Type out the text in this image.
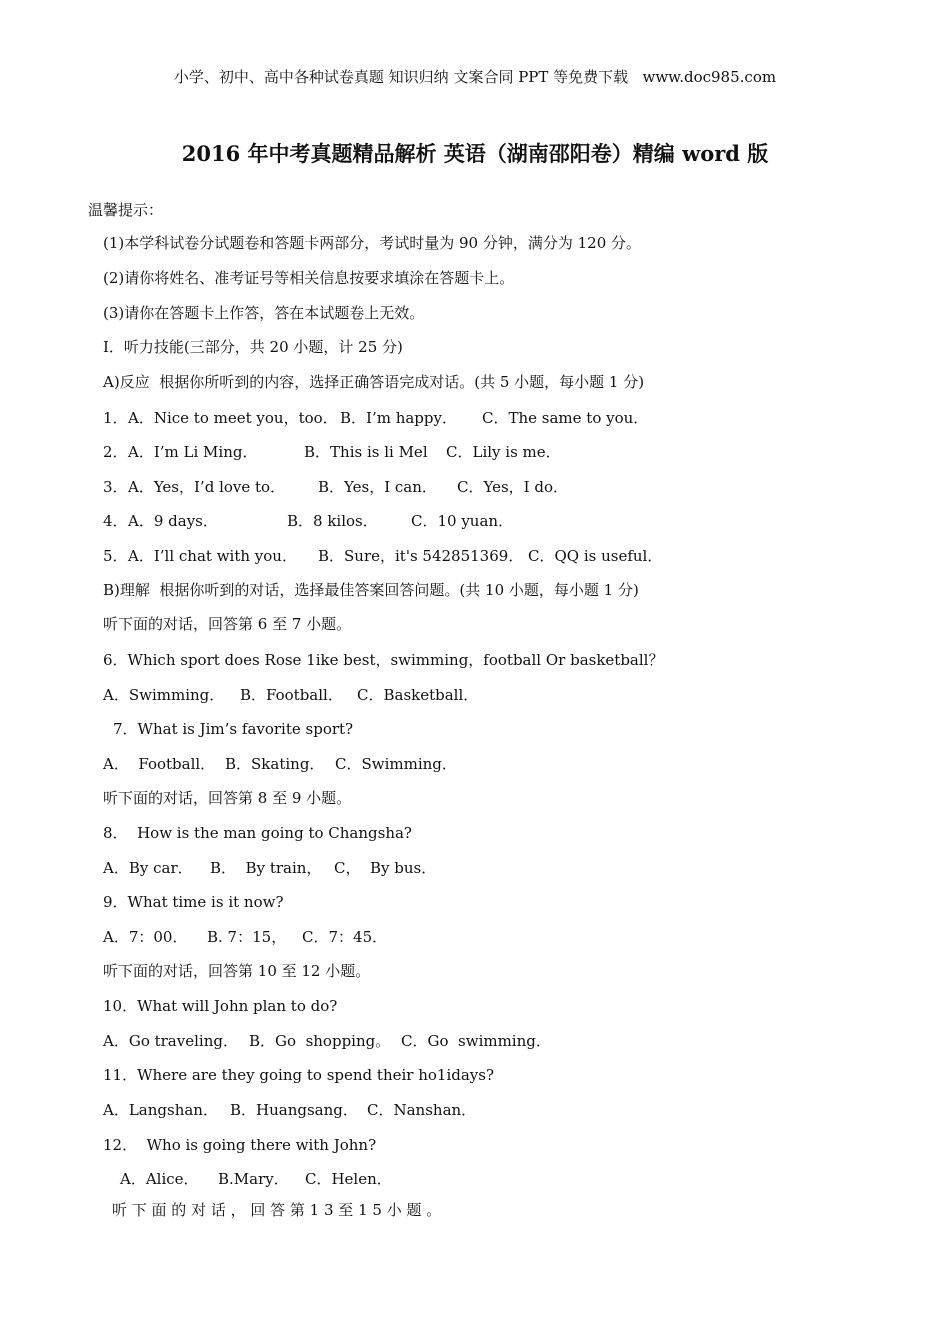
小学、初中、高中各种试卷真题 知识归纳 文案合同 PPT 等免费下载   www.doc985.com
2016 年中考真题精品解析 英语（湖南邵阳卷）精编 word 版
温馨提示：
(1)本学科试卷分试题卷和答题卡两部分，考试时量为 90 分钟，满分为 120 分。
(2)请你将姓名、准考证号等相关信息按要求填涂在答题卡上。
(3)请你在答题卡上作答，答在本试题卷上无效。
I．听力技能(三部分，共 20 小题，计 25 分)
A)反应  根据你所听到的内容，选择正确答语完成对话。(共 5 小题，每小题 1 分)
1． A．Nice to meet you，too． B．I’m happy． C．The same to you．
2． A．I’m Li Ming．	B．This is li Mel C．Lily is me．
3． A．Yes，I’d love to． B．Yes，I can． C．Yes，I do．
4． A．9 days．	B．8 kilos． C．10 yuan．
5． A．I’ll chat with you． B．Sure，it's 542851369． C．QQ is useful．
B)理解  根据你听到的对话，选择最佳答案回答问题。(共 10 小题，每小题 1 分)
听下面的对话，回答第 6 至 7 小题。
6．Which sport does Rose 1ike best，swimming，football Or basketball？
A．Swimming． B．Football． C．Basketball．
7．What is Jim’s favorite sport?
A．  Football． B．Skating． C．Swimming．
听下面的对话，回答第 8 至 9 小题。
8．  How is the man going to Changsha?
A．By car． B．  By train， C，  By bus．
9．What time is it now?
A．7：00． B. 7：15， C．7：45．
听下面的对话，回答第 10 至 12 小题。
10．What will John plan to do?
A．Go traveling． B．Go  shopping。 C．Go  swimming．
11．Where are they going to spend their ho1idays?
A．Langshan． B．Huangsang． C．Nanshan．
12．  Who is going there with John?
A．Alice． B.Mary． C．Helen．
听 下 面 的 对 话 ， 回 答 第 1 3 至 1 5 小 题 。
